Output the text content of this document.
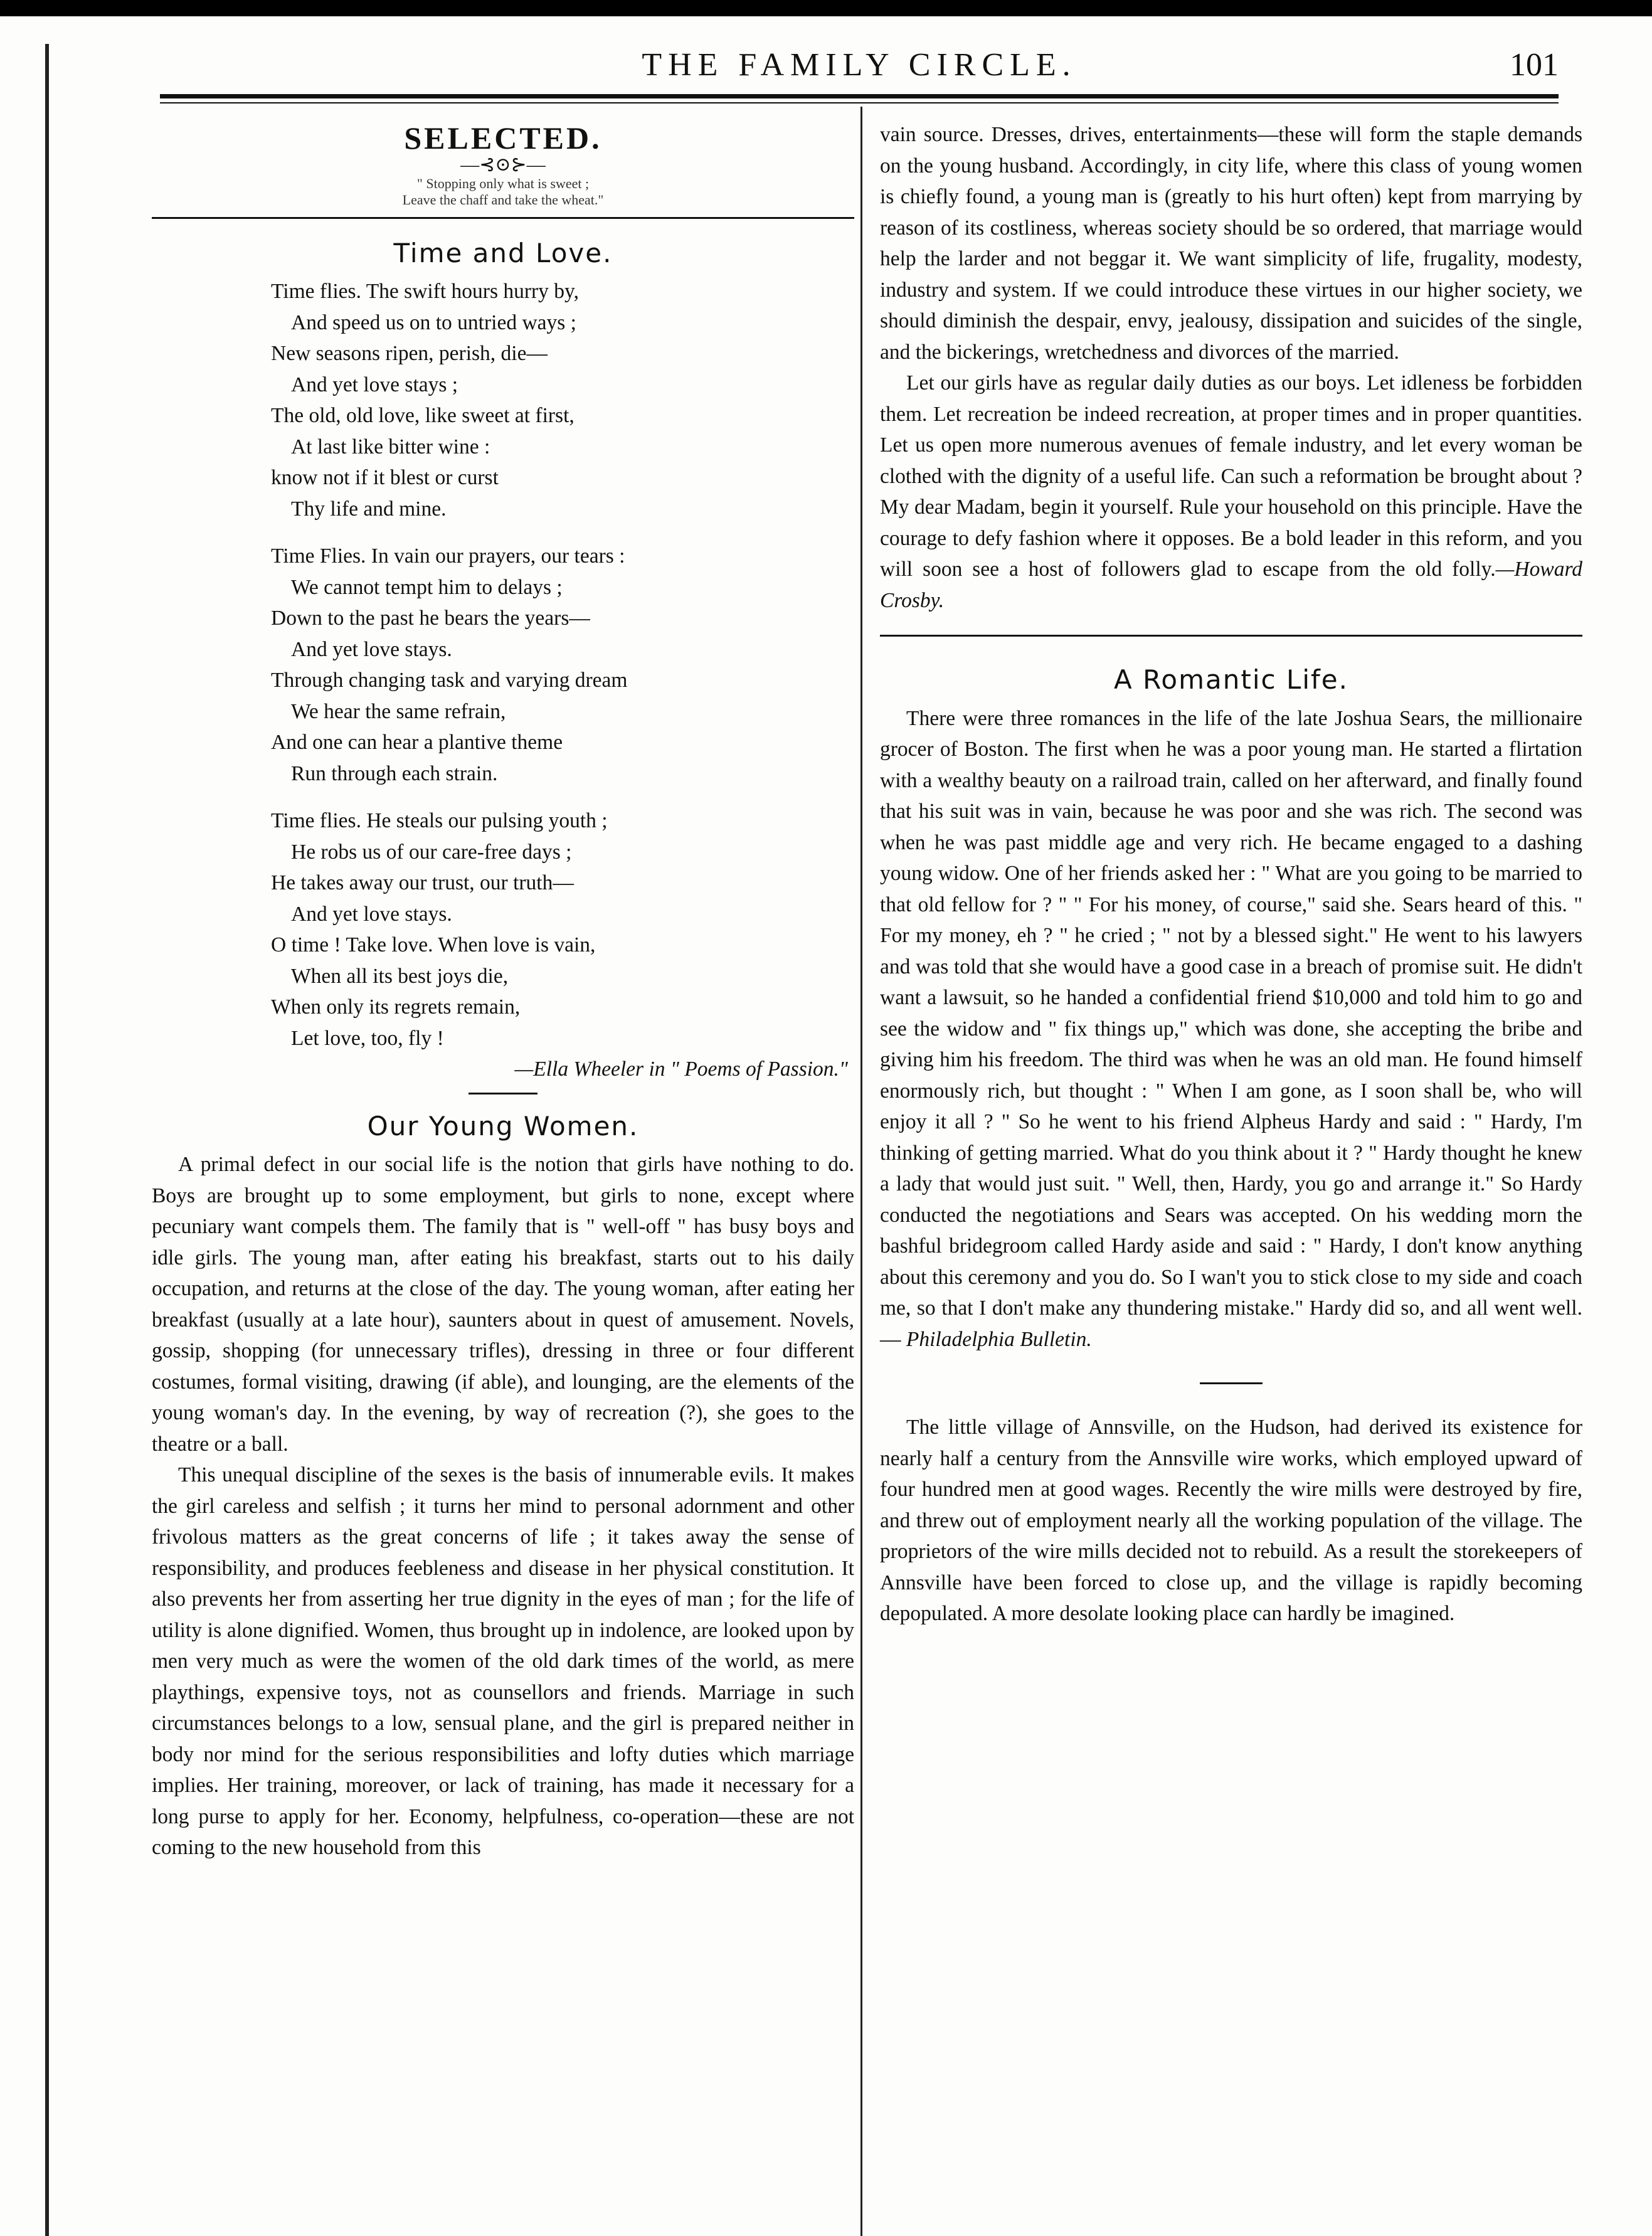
THE FAMILY CIRCLE.	101
SELECTED.
—⊰⊙⊱—
" Stopping only what is sweet ;
Leave the chaff and take the wheat."
Time and Love.
Time flies. The swift hours hurry by,
And speed us on to untried ways ;
New seasons ripen, perish, die—
And yet love stays ;
The old, old love, like sweet at first,
At last like bitter wine :
know not if it blest or curst
Thy life and mine.
Time Flies. In vain our prayers, our tears :
We cannot tempt him to delays ;
Down to the past he bears the years—
And yet love stays.
Through changing task and varying dream
We hear the same refrain,
And one can hear a plantive theme
Run through each strain.
Time flies. He steals our pulsing youth ;
He robs us of our care-free days ;
He takes away our trust, our truth—
And yet love stays.
O time ! Take love. When love is vain,
When all its best joys die,
When only its regrets remain,
Let love, too, fly !
—Ella Wheeler in " Poems of Passion."
Our Young Women.

A primal defect in our social life is the notion that girls have nothing to do. Boys are brought up to some employment, but girls to none, except where pecuniary want compels them. The family that is " well-off " has busy boys and idle girls. The young man, after eating his breakfast, starts out to his daily occupation, and returns at the close of the day. The young woman, after eating her breakfast (usually at a late hour), saunters about in quest of amusement. Novels, gossip, shopping (for unnecessary trifles), dressing in three or four different costumes, formal visiting, drawing (if able), and lounging, are the elements of the young woman's day. In the evening, by way of recreation (?), she goes to the theatre or a ball.

This unequal discipline of the sexes is the basis of innumerable evils. It makes the girl careless and selfish ; it turns her mind to personal adornment and other frivolous matters as the great concerns of life ; it takes away the sense of responsibility, and produces feebleness and disease in her physical constitution. It also prevents her from asserting her true dignity in the eyes of man ; for the life of utility is alone dignified. Women, thus brought up in indolence, are looked upon by men very much as were the women of the old dark times of the world, as mere playthings, expensive toys, not as counsellors and friends. Marriage in such circumstances belongs to a low, sensual plane, and the girl is prepared neither in body nor mind for the serious responsibilities and lofty duties which marriage implies. Her training, moreover, or lack of training, has made it necessary for a long purse to apply for her. Economy, helpfulness, co-operation—these are not coming to the new household from this

vain source. Dresses, drives, entertainments—these will form the staple demands on the young husband. Accordingly, in city life, where this class of young women is chiefly found, a young man is (greatly to his hurt often) kept from marrying by reason of its costliness, whereas society should be so ordered, that marriage would help the larder and not beggar it. We want simplicity of life, frugality, modesty, industry and system. If we could introduce these virtues in our higher society, we should diminish the despair, envy, jealousy, dissipation and suicides of the single, and the bickerings, wretchedness and divorces of the married.

Let our girls have as regular daily duties as our boys. Let idleness be forbidden them. Let recreation be indeed recreation, at proper times and in proper quantities. Let us open more numerous avenues of female industry, and let every woman be clothed with the dignity of a useful life. Can such a reformation be brought about ? My dear Madam, begin it yourself. Rule your household on this principle. Have the courage to defy fashion where it opposes. Be a bold leader in this reform, and you will soon see a host of followers glad to escape from the old folly.—Howard Crosby.

A Romantic Life.

There were three romances in the life of the late Joshua Sears, the millionaire grocer of Boston. The first when he was a poor young man. He started a flirtation with a wealthy beauty on a railroad train, called on her afterward, and finally found that his suit was in vain, because he was poor and she was rich. The second was when he was past middle age and very rich. He became engaged to a dashing young widow. One of her friends asked her : " What are you going to be married to that old fellow for ? " " For his money, of course," said she. Sears heard of this. " For my money, eh ? " he cried ; " not by a blessed sight." He went to his lawyers and was told that she would have a good case in a breach of promise suit. He didn't want a lawsuit, so he handed a confidential friend $10,000 and told him to go and see the widow and " fix things up," which was done, she accepting the bribe and giving him his freedom. The third was when he was an old man. He found himself enormously rich, but thought : " When I am gone, as I soon shall be, who will enjoy it all ? " So he went to his friend Alpheus Hardy and said : " Hardy, I'm thinking of getting married. What do you think about it ? " Hardy thought he knew a lady that would just suit. " Well, then, Hardy, you go and arrange it." So Hardy conducted the negotiations and Sears was accepted. On his wedding morn the bashful bridegroom called Hardy aside and said : " Hardy, I don't know anything about this ceremony and you do. So I wan't you to stick close to my side and coach me, so that I don't make any thundering mistake." Hardy did so, and all went well.— Philadelphia Bulletin.

The little village of Annsville, on the Hudson, had derived its existence for nearly half a century from the Annsville wire works, which employed upward of four hundred men at good wages. Recently the wire mills were destroyed by fire, and threw out of employment nearly all the working population of the village. The proprietors of the wire mills decided not to rebuild. As a result the storekeepers of Annsville have been forced to close up, and the village is rapidly becoming depopulated. A more desolate looking place can hardly be imagined.
